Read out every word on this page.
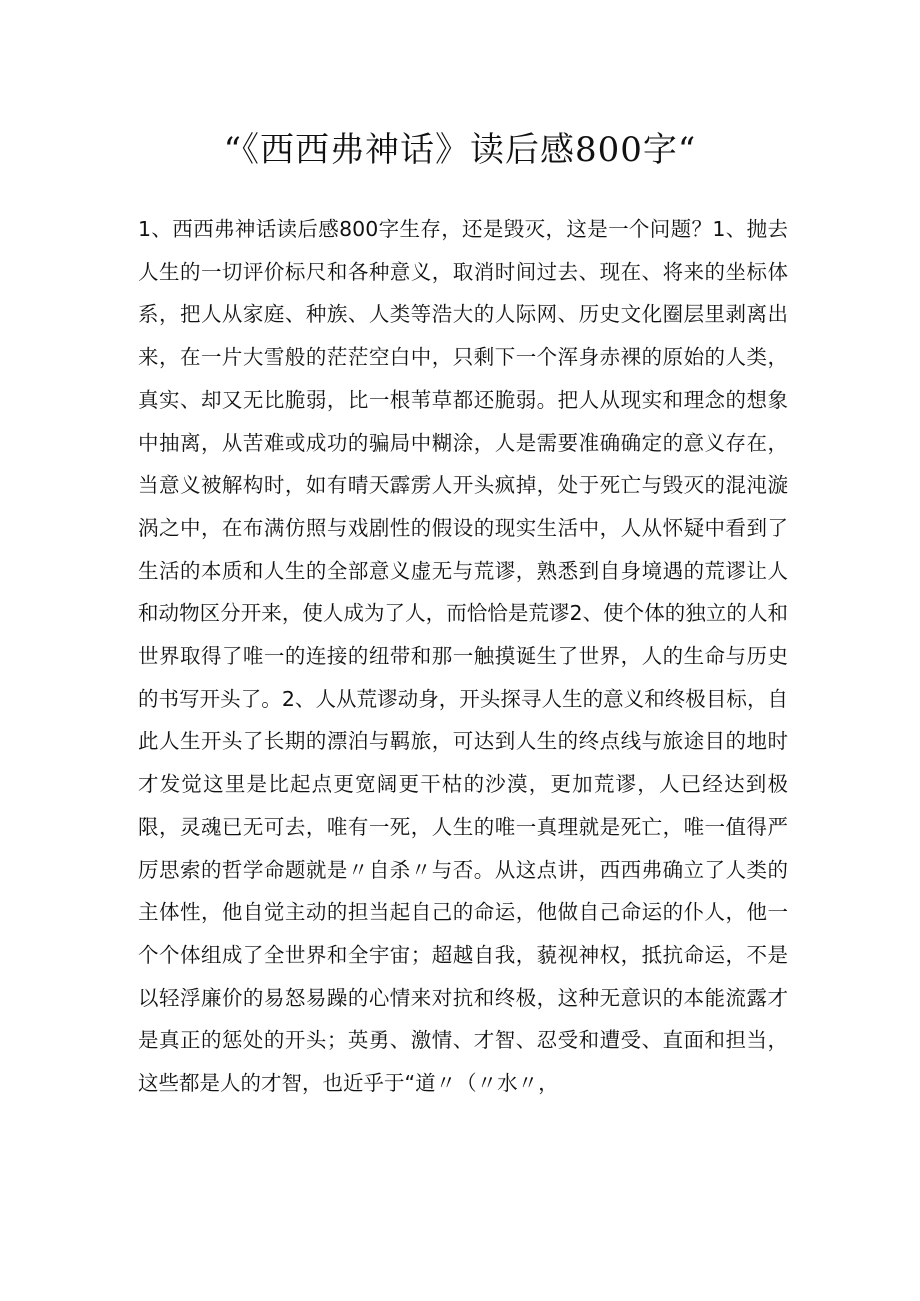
“《西西弗神话》读后感800字“

1、西西弗神话读后感800字生存，还是毁灭，这是一个问题？1、抛去人生的一切评价标尺和各种意义，取消时间过去、现在、将来的坐标体系，把人从家庭、种族、人类等浩大的人际网、历史文化圈层里剥离出来，在一片大雪般的茫茫空白中，只剩下一个浑身赤裸的原始的人类，真实、却又无比脆弱，比一根苇草都还脆弱。把人从现实和理念的想象中抽离，从苦难或成功的骗局中糊涂，人是需要准确确定的意义存在，当意义被解构时，如有晴天霹雳人开头疯掉，处于死亡与毁灭的混沌漩涡之中，在布满仿照与戏剧性的假设的现实生活中，人从怀疑中看到了生活的本质和人生的全部意义虚无与荒谬，熟悉到自身境遇的荒谬让人和动物区分开来，使人成为了人，而恰恰是荒谬2、使个体的独立的人和世界取得了唯一的连接的纽带和那一触摸诞生了世界，人的生命与历史的书写开头了。2、人从荒谬动身，开头探寻人生的意义和终极目标，自此人生开头了长期的漂泊与羁旅，可达到人生的终点线与旅途目的地时才发觉这里是比起点更宽阔更干枯的沙漠，更加荒谬，人已经达到极限，灵魂已无可去，唯有一死，人生的唯一真理就是死亡，唯一值得严厉思索的哲学命题就是〃自杀〃与否。从这点讲，西西弗确立了人类的主体性，他自觉主动的担当起自己的命运，他做自己命运的仆人，他一个个体组成了全世界和全宇宙；超越自我，藐视神权，抵抗命运，不是以轻浮廉价的易怒易躁的心情来对抗和终极，这种无意识的本能流露才是真正的惩处的开头；英勇、激情、才智、忍受和遭受、直面和担当，这些都是人的才智，也近乎于“道〃（〃水〃，
